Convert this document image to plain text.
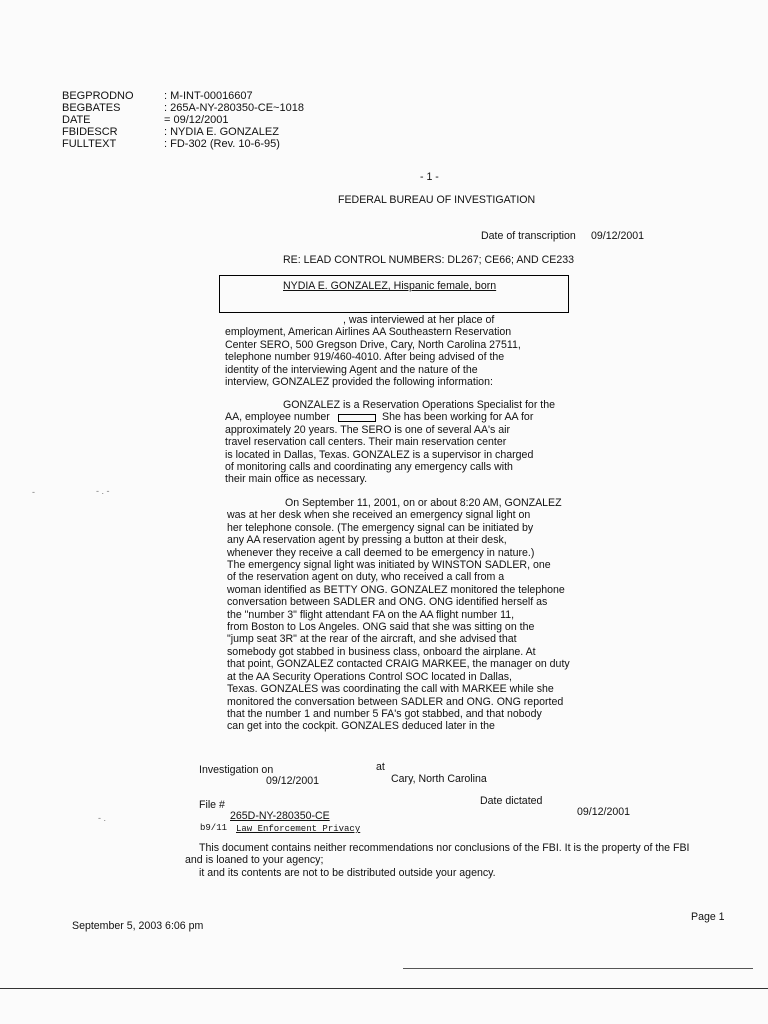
BEGPRODNO	: M-INT-00016607
BEGBATES	: 265A-NY-280350-CE~1018
DATE	= 09/12/2001
FBIDESCR	: NYDIA E. GONZALEZ
FULLTEXT	: FD-302 (Rev. 10-6-95)
- 1 -
FEDERAL BUREAU OF INVESTIGATION
Date of transcription 09/12/2001
RE: LEAD CONTROL NUMBERS: DL267; CE66; AND CE233
NYDIA E. GONZALEZ, Hispanic female, born
, was interviewed at her place of
employment, American Airlines AA Southeastern Reservation
Center SERO, 500 Gregson Drive, Cary, North Carolina 27511,
telephone number 919/460-4010. After being advised of the
identity of the interviewing Agent and the nature of the
interview, GONZALEZ provided the following information:
GONZALEZ is a Reservation Operations Specialist for the
AA, employee number	She has been working for AA for
approximately 20 years. The SERO is one of several AA's air
travel reservation call centers. Their main reservation center
is located in Dallas, Texas. GONZALEZ is a supervisor in charged
of monitoring calls and coordinating any emergency calls with
their main office as necessary.
On September 11, 2001, on or about 8:20 AM, GONZALEZ
was at her desk when she received an emergency signal light on
her telephone console. (The emergency signal can be initiated by
any AA reservation agent by pressing a button at their desk,
whenever they receive a call deemed to be emergency in nature.)
The emergency signal light was initiated by WINSTON SADLER, one
of the reservation agent on duty, who received a call from a
woman identified as BETTY ONG. GONZALEZ monitored the telephone
conversation between SADLER and ONG. ONG identified herself as
the "number 3" flight attendant FA on the AA flight number 11,
from Boston to Los Angeles. ONG said that she was sitting on the
"jump seat 3R" at the rear of the aircraft, and she advised that
somebody got stabbed in business class, onboard the airplane. At
that point, GONZALEZ contacted CRAIG MARKEE, the manager on duty
at the AA Security Operations Control SOC located in Dallas,
Texas. GONZALES was coordinating the call with MARKEE while she
monitored the conversation between SADLER and ONG. ONG reported
that the number 1 and number 5 FA's got stabbed, and that nobody
can get into the cockpit. GONZALES deduced later in the
Investigation on
09/12/2001
at
Cary, North Carolina
File #
265D-NY-280350-CE
Date dictated
09/12/2001
b9/11 Law Enforcement Privacy
This document contains neither recommendations nor conclusions of the FBI. It is the property of the FBI
and is loaned to your agency;
it and its contents are not to be distributed outside your agency.
September 5, 2003 6:06 pm
Page 1
- . -
- .
-
